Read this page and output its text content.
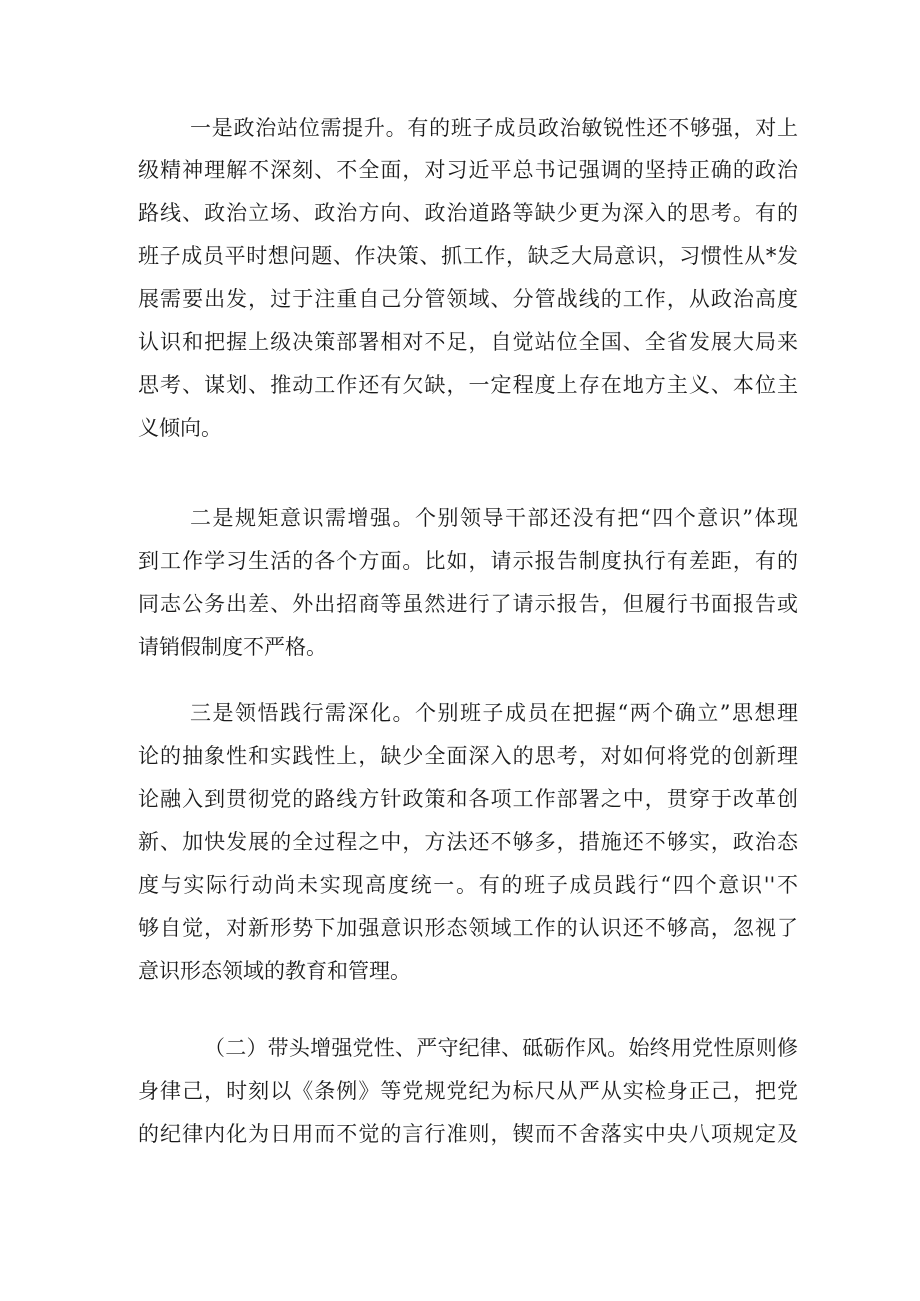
一是政治站位需提升。有的班子成员政治敏锐性还不够强，对上
级精神理解不深刻、不全面，对习近平总书记强调的坚持正确的政治
路线、政治立场、政治方向、政治道路等缺少更为深入的思考。有的
班子成员平时想问题、作决策、抓工作，缺乏大局意识，习惯性从*发
展需要出发，过于注重自己分管领域、分管战线的工作，从政治高度
认识和把握上级决策部署相对不足，自觉站位全国、全省发展大局来
思考、谋划、推动工作还有欠缺，一定程度上存在地方主义、本位主
义倾向。
二是规矩意识需增强。个别领导干部还没有把“四个意识”体现
到工作学习生活的各个方面。比如，请示报告制度执行有差距，有的
同志公务出差、外出招商等虽然进行了请示报告，但履行书面报告或
请销假制度不严格。
三是领悟践行需深化。个别班子成员在把握“两个确立”思想理
论的抽象性和实践性上，缺少全面深入的思考，对如何将党的创新理
论融入到贯彻党的路线方针政策和各项工作部署之中，贯穿于改革创
新、加快发展的全过程之中，方法还不够多，措施还不够实，政治态
度与实际行动尚未实现高度统一。有的班子成员践行“四个意识''不
够自觉，对新形势下加强意识形态领域工作的认识还不够高，忽视了
意识形态领域的教育和管理。
（二）带头增强党性、严守纪律、砥砺作风。始终用党性原则修
身律己，时刻以《条例》等党规党纪为标尺从严从实检身正己，把党
的纪律内化为日用而不觉的言行准则，锲而不舍落实中央八项规定及
